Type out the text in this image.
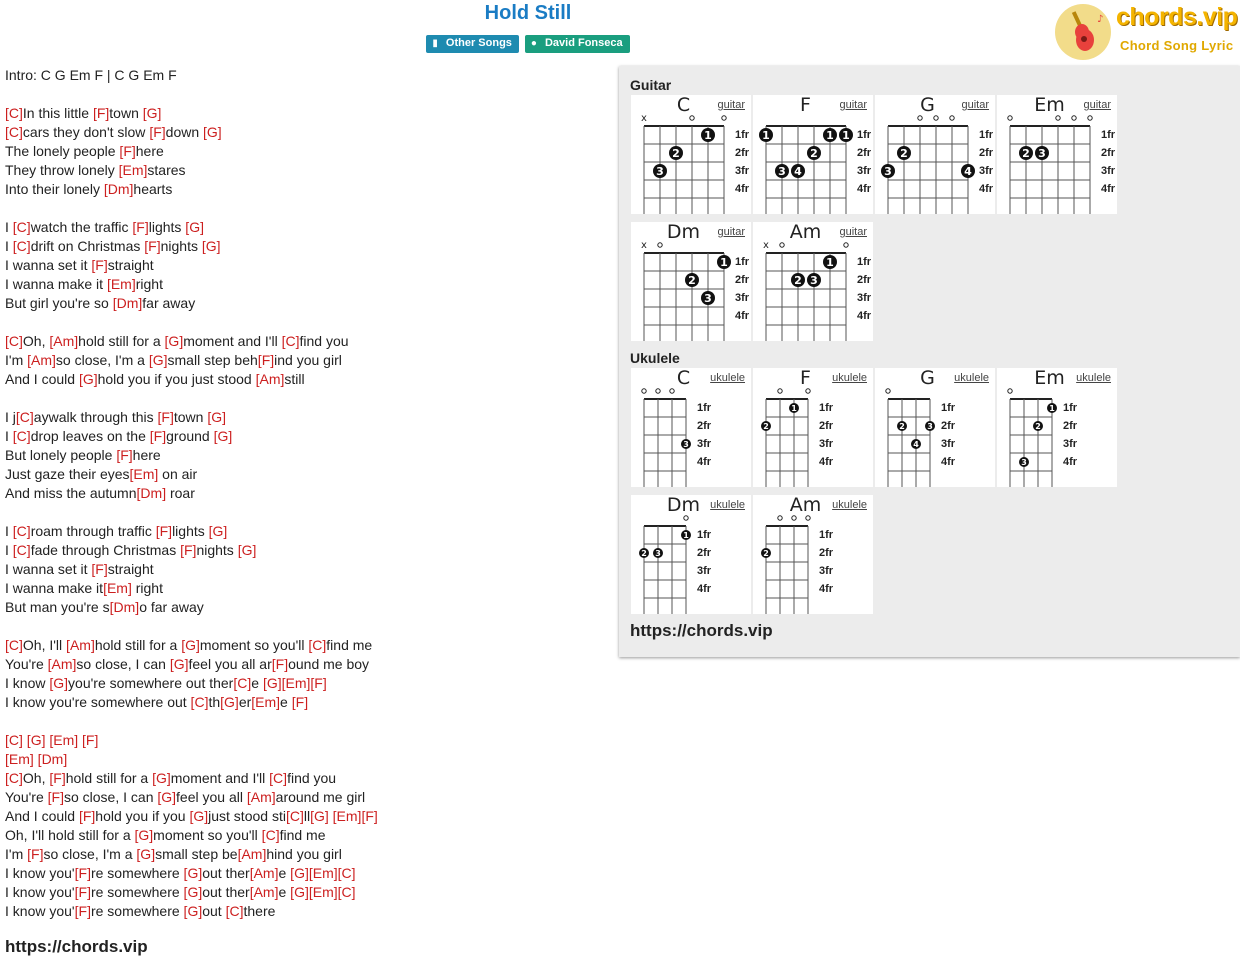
Hold Still
▮ Other Songs ● David Fonseca
♪ chords.vip
Chord Song Lyric
Intro: C G Em F | C G Em F
[C]In this little [F]town [G]
[C]cars they don't slow [F]down [G]
The lonely people [F]here
They throw lonely [Em]stares
Into their lonely [Dm]hearts
I [C]watch the traffic [F]lights [G]
I [C]drift on Christmas [F]nights [G]
I wanna set it [F]straight
I wanna make it [Em]right
But girl you're so [Dm]far away
[C]Oh, [Am]hold still for a [G]moment and I'll [C]find you
I'm [Am]so close, I'm a [G]small step beh[F]ind you girl
And I could [G]hold you if you just stood [Am]still
I j[C]aywalk through this [F]town [G]
I [C]drop leaves on the [F]ground [G]
But lonely people [F]here
Just gaze their eyes[Em] on air
And miss the autumn[Dm] roar
I [C]roam through traffic [F]lights [G]
I [C]fade through Christmas [F]nights [G]
I wanna set it [F]straight
I wanna make it[Em] right
But man you're s[Dm]o far away
[C]Oh, I'll [Am]hold still for a [G]moment so you'll [C]find me
You're [Am]so close, I can [G]feel you all ar[F]ound me boy
I know [G]you're somewhere out ther[C]e [G][Em][F]
I know you're somewhere out [C]th[G]er[Em]e [F]
[C] [G] [Em] [F]
[Em] [Dm]
[C]Oh, [F]hold still for a [G]moment and I'll [C]find you
You're [F]so close, I can [G]feel you all [Am]around me girl
And I could [F]hold you if you [G]just stood sti[C]ll[G] [Em][F]
Oh, I'll hold still for a [G]moment so you'll [C]find me
I'm [F]so close, I'm a [G]small step be[Am]hind you girl
I know you'[F]re somewhere [G]out ther[Am]e [G][Em][C]
I know you'[F]re somewhere [G]out ther[Am]e [G][Em][C]
I know you'[F]re somewhere [G]out [C]there
https://chords.vip
Guitar
x
1fr
2fr
3fr
4fr
1
2
3
C	guitar
1fr
2fr
3fr
4fr
1	1 1
2
3 4
F	guitar
1fr
2fr
3fr
4fr
2
3	4
G	guitar
1fr
2fr
3fr
4fr
2 3
Em	guitar
x
1fr
2fr
3fr
4fr
1
2
3
Dm	guitar
x
1fr
2fr
3fr
4fr
1
2 3
Am	guitar
Ukulele
1fr
2fr
3fr
4fr
3
C	ukulele
1fr
2fr
3fr
4fr
2
1
F	ukulele
1fr
2fr
3fr
4fr
2	3
4
G	ukulele
1fr
2fr
3fr
4fr
1
2
3
Em	ukulele
1fr
2fr
3fr
4fr
1
2 3
Dm ukulele
1fr
2fr
3fr
4fr
2
Am ukulele
https://chords.vip
